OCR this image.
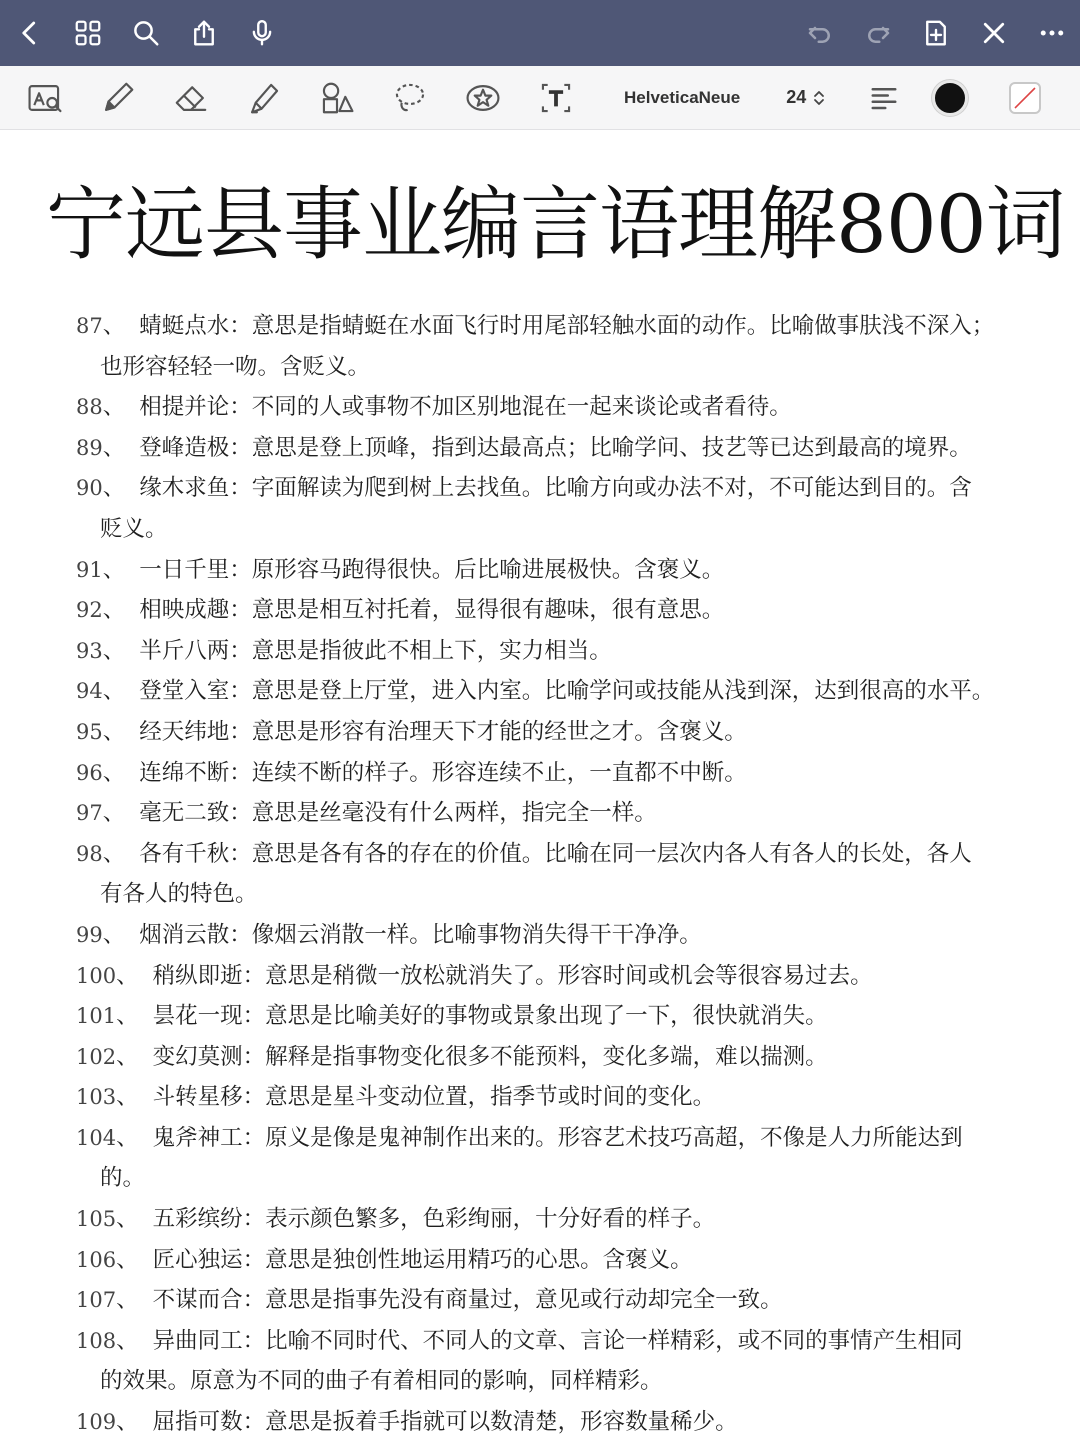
HelveticaNeue	24
宁远县事业编言语理解800词
87、 蜻蜓点水：意思是指蜻蜓在水面飞行时用尾部轻触水面的动作。比喻做事肤浅不深入；
也形容轻轻一吻。含贬义。
88、 相提并论：不同的人或事物不加区别地混在一起来谈论或者看待。
89、 登峰造极：意思是登上顶峰，指到达最高点；比喻学问、技艺等已达到最高的境界。
90、 缘木求鱼：字面解读为爬到树上去找鱼。比喻方向或办法不对，不可能达到目的。含
贬义。
91、 一日千里：原形容马跑得很快。后比喻进展极快。含褒义。
92、 相映成趣：意思是相互衬托着，显得很有趣味，很有意思。
93、 半斤八两：意思是指彼此不相上下，实力相当。
94、 登堂入室：意思是登上厅堂，进入内室。比喻学问或技能从浅到深，达到很高的水平。
95、 经天纬地：意思是形容有治理天下才能的经世之才。含褒义。
96、 连绵不断：连续不断的样子。形容连续不止，一直都不中断。
97、 毫无二致：意思是丝毫没有什么两样，指完全一样。
98、 各有千秋：意思是各有各的存在的价值。比喻在同一层次内各人有各人的长处，各人
有各人的特色。
99、 烟消云散：像烟云消散一样。比喻事物消失得干干净净。
100、 稍纵即逝：意思是稍微一放松就消失了。形容时间或机会等很容易过去。
101、 昙花一现：意思是比喻美好的事物或景象出现了一下，很快就消失。
102、 变幻莫测：解释是指事物变化很多不能预料，变化多端，难以揣测。
103、 斗转星移：意思是星斗变动位置，指季节或时间的变化。
104、 鬼斧神工：原义是像是鬼神制作出来的。形容艺术技巧高超，不像是人力所能达到
的。
105、 五彩缤纷：表示颜色繁多，色彩绚丽，十分好看的样子。
106、 匠心独运：意思是独创性地运用精巧的心思。含褒义。
107、 不谋而合：意思是指事先没有商量过，意见或行动却完全一致。
108、 异曲同工：比喻不同时代、不同人的文章、言论一样精彩，或不同的事情产生相同
的效果。原意为不同的曲子有着相同的影响，同样精彩。
109、 屈指可数：意思是扳着手指就可以数清楚，形容数量稀少。
